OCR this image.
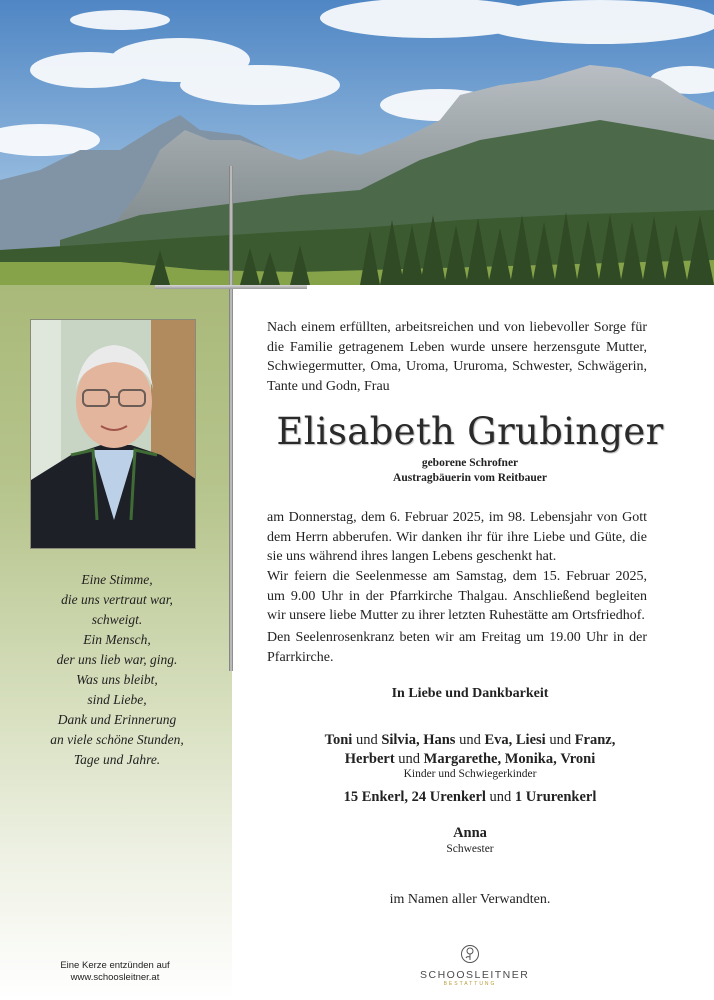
Eine Stimme,
die uns vertraut war,
schweigt.
Ein Mensch,
der uns lieb war, ging.
Was uns bleibt,
sind Liebe,
Dank und Erinnerung
an viele schöne Stunden,
Tage und Jahre.
Eine Kerze entzünden auf
www.schoosleitner.at

Nach einem erfüllten, arbeitsreichen und von liebevoller Sorge für die Familie getragenem Leben wurde unsere herzensgute Mutter, Schwiegermutter, Oma, Uroma, Ururoma, Schwester, Schwägerin, Tante und Godn, Frau

Elisabeth Grubinger
geborene Schrofner
Austragbäuerin vom Reitbauer

am Donnerstag, dem 6. Februar 2025, im 98. Lebensjahr von Gott dem Herrn abberufen. Wir danken ihr für ihre Liebe und Güte, die sie uns während ihres langen Lebens geschenkt hat.

Wir feiern die Seelenmesse am Samstag, dem 15. Februar 2025, um 9.00 Uhr in der Pfarrkirche Thalgau. Anschließend begleiten wir unsere liebe Mutter zu ihrer letzten Ruhestätte am Ortsfriedhof.

Den Seelenrosenkranz beten wir am Freitag um 19.00 Uhr in der Pfarrkirche.

In Liebe und Dankbarkeit
Toni und Silvia, Hans und Eva, Liesi und Franz,
Herbert und Margarethe, Monika, Vroni
Kinder und Schwiegerkinder
15 Enkerl, 24 Urenkerl und 1 Ururenkerl
Anna
Schwester
im Namen aller Verwandten.
SCHOOSLEITNER
BESTATTUNG
